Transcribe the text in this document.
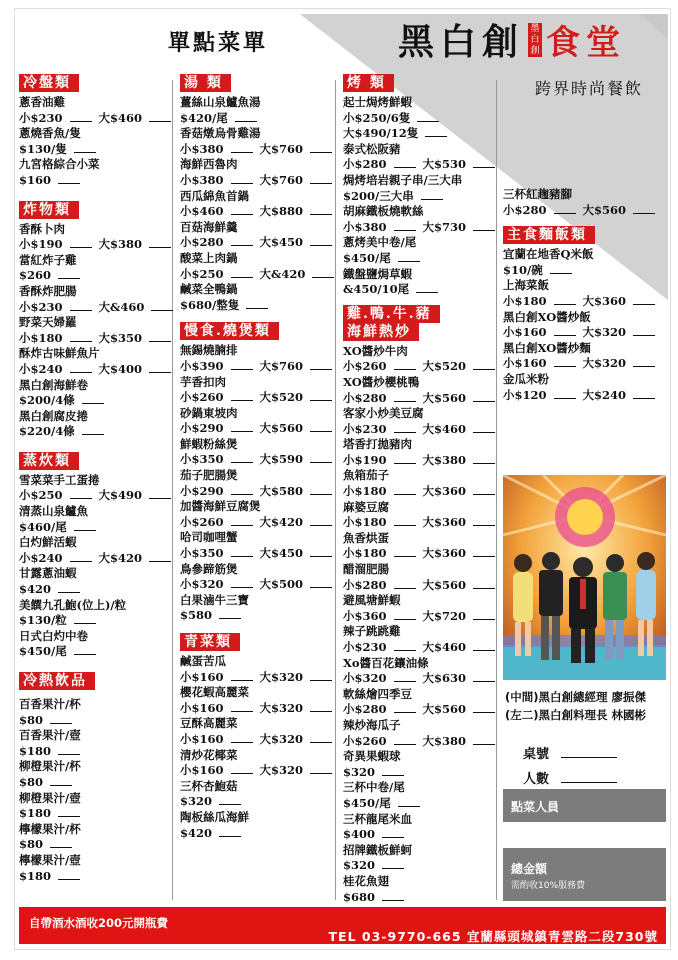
單點菜單	黑白創 墨白創 食堂
跨界時尚餐飲
冷盤類
蔥香油雞
小$230  大$460
蔥燒香魚/隻
$130/隻
九宮格綜合小菜
$160
炸物類
香酥卜肉
小$190  大$380
當紅炸子雞
$260
香酥炸肥腸
小$230  大&460
野菜天婦羅
小$180  大$350
酥炸古味鮮魚片
小$240  大$400
黑白創海鮮卷
$200/4條
黑白創腐皮捲
$220/4條
蒸炊類
雪菜菜手工蛋捲
小$250  大$490
清蒸山泉鱸魚
$460/尾
白灼鮮活蝦
小$240  大$420
甘露蔥油蝦
$420
美饌九孔鮑(位上)/粒
$130/粒
日式白灼中卷
$450/尾
冷熱飲品
百香果汁/杯
$80
百香果汁/壺
$180
柳橙果汁/杯
$80
柳橙果汁/壺
$180
檸檬果汁/杯
$80
檸檬果汁/壺
$180
湯 類
薑絲山泉鱸魚湯
$420/尾
香菇燉烏骨雞湯
小$380  大$760
海鮮西魯肉
小$380  大$760
西瓜綿魚首鍋
小$460  大$880
百菇海鮮羹
小$280  大$450
酸菜上肉鍋
小$250  大&420
鹹菜全鴨鍋
$680/整隻
慢食.燒煲類
無錫燒腩排
小$390  大$760
芋香扣肉
小$260  大$520
砂鍋東坡肉
小$290  大$560
鮮蝦粉絲煲
小$350  大$590
茄子肥腸煲
小$290  大$580
加醬海鮮豆腐煲
小$260  大$420
哈司咖哩蟹
小$350  大$450
鳥參蹄筋煲
小$320  大$500
白果滷牛三寶
$580
青菜類
鹹蛋苦瓜
小$160  大$320
櫻花蝦高麗菜
小$160  大$320
豆酥高麗菜
小$160  大$320
清炒花椰菜
小$160  大$320
三杯杏鮑菇
$320
陶板絲瓜海鮮
$420
烤 類
起士焗烤鮮蝦
小$250/6隻
大$490/12隻
泰式松阪豬
小$280  大$530
焗烤培岩親子串/三大串
$200/三大串
胡麻鐵板燒軟絲
小$380  大$730
蔥烤美中卷/尾
$450/尾
鐵盤鹽焗草蝦
&450/10尾
雞.鴨.牛.豬
海鮮熱炒
XO醬炒牛肉
小$260  大$520
XO醬炒櫻桃鴨
小$280  大$560
客家小炒美豆腐
小$230  大$460
塔香打拋豬肉
小$190  大$380
魚箱茄子
小$180  大$360
麻婆豆腐
小$180  大$360
魚香烘蛋
小$180  大$360
醋溜肥腸
小$280  大$560
避風塘鮮蝦
小$360  大$720
辣子跳跳雞
小$230  大$460
Xo醬百花鑲油條
小$320  大$630
軟絲燴四季豆
小$280  大$560
辣炒海瓜子
小$260  大$380
奇異果蝦球
$320
三杯中卷/尾
$450/尾
三杯龍尾米血
$400
招牌鐵板鮮蚵
$320
桂花魚翅
$680
三杯紅趜豬腳
小$280  大$560
主食麵飯類
宜蘭在地香Q米飯
$10/碗
上海菜飯
小$180  大$360
黑白創XO醬炒飯
小$160  大$320
黑白創XO醬炒麵
小$160  大$320
金瓜米粉
小$120  大$240
(中間)黑白創總經理 廖振傑
(左二)黑白創料理長 林國彬
桌號
人數
點菜人員
總金額
需酌收10%服務費
自帶酒水酒收200元開瓶費
TEL 03-9770-665 宜蘭縣頭城鎮青雲路二段730號
